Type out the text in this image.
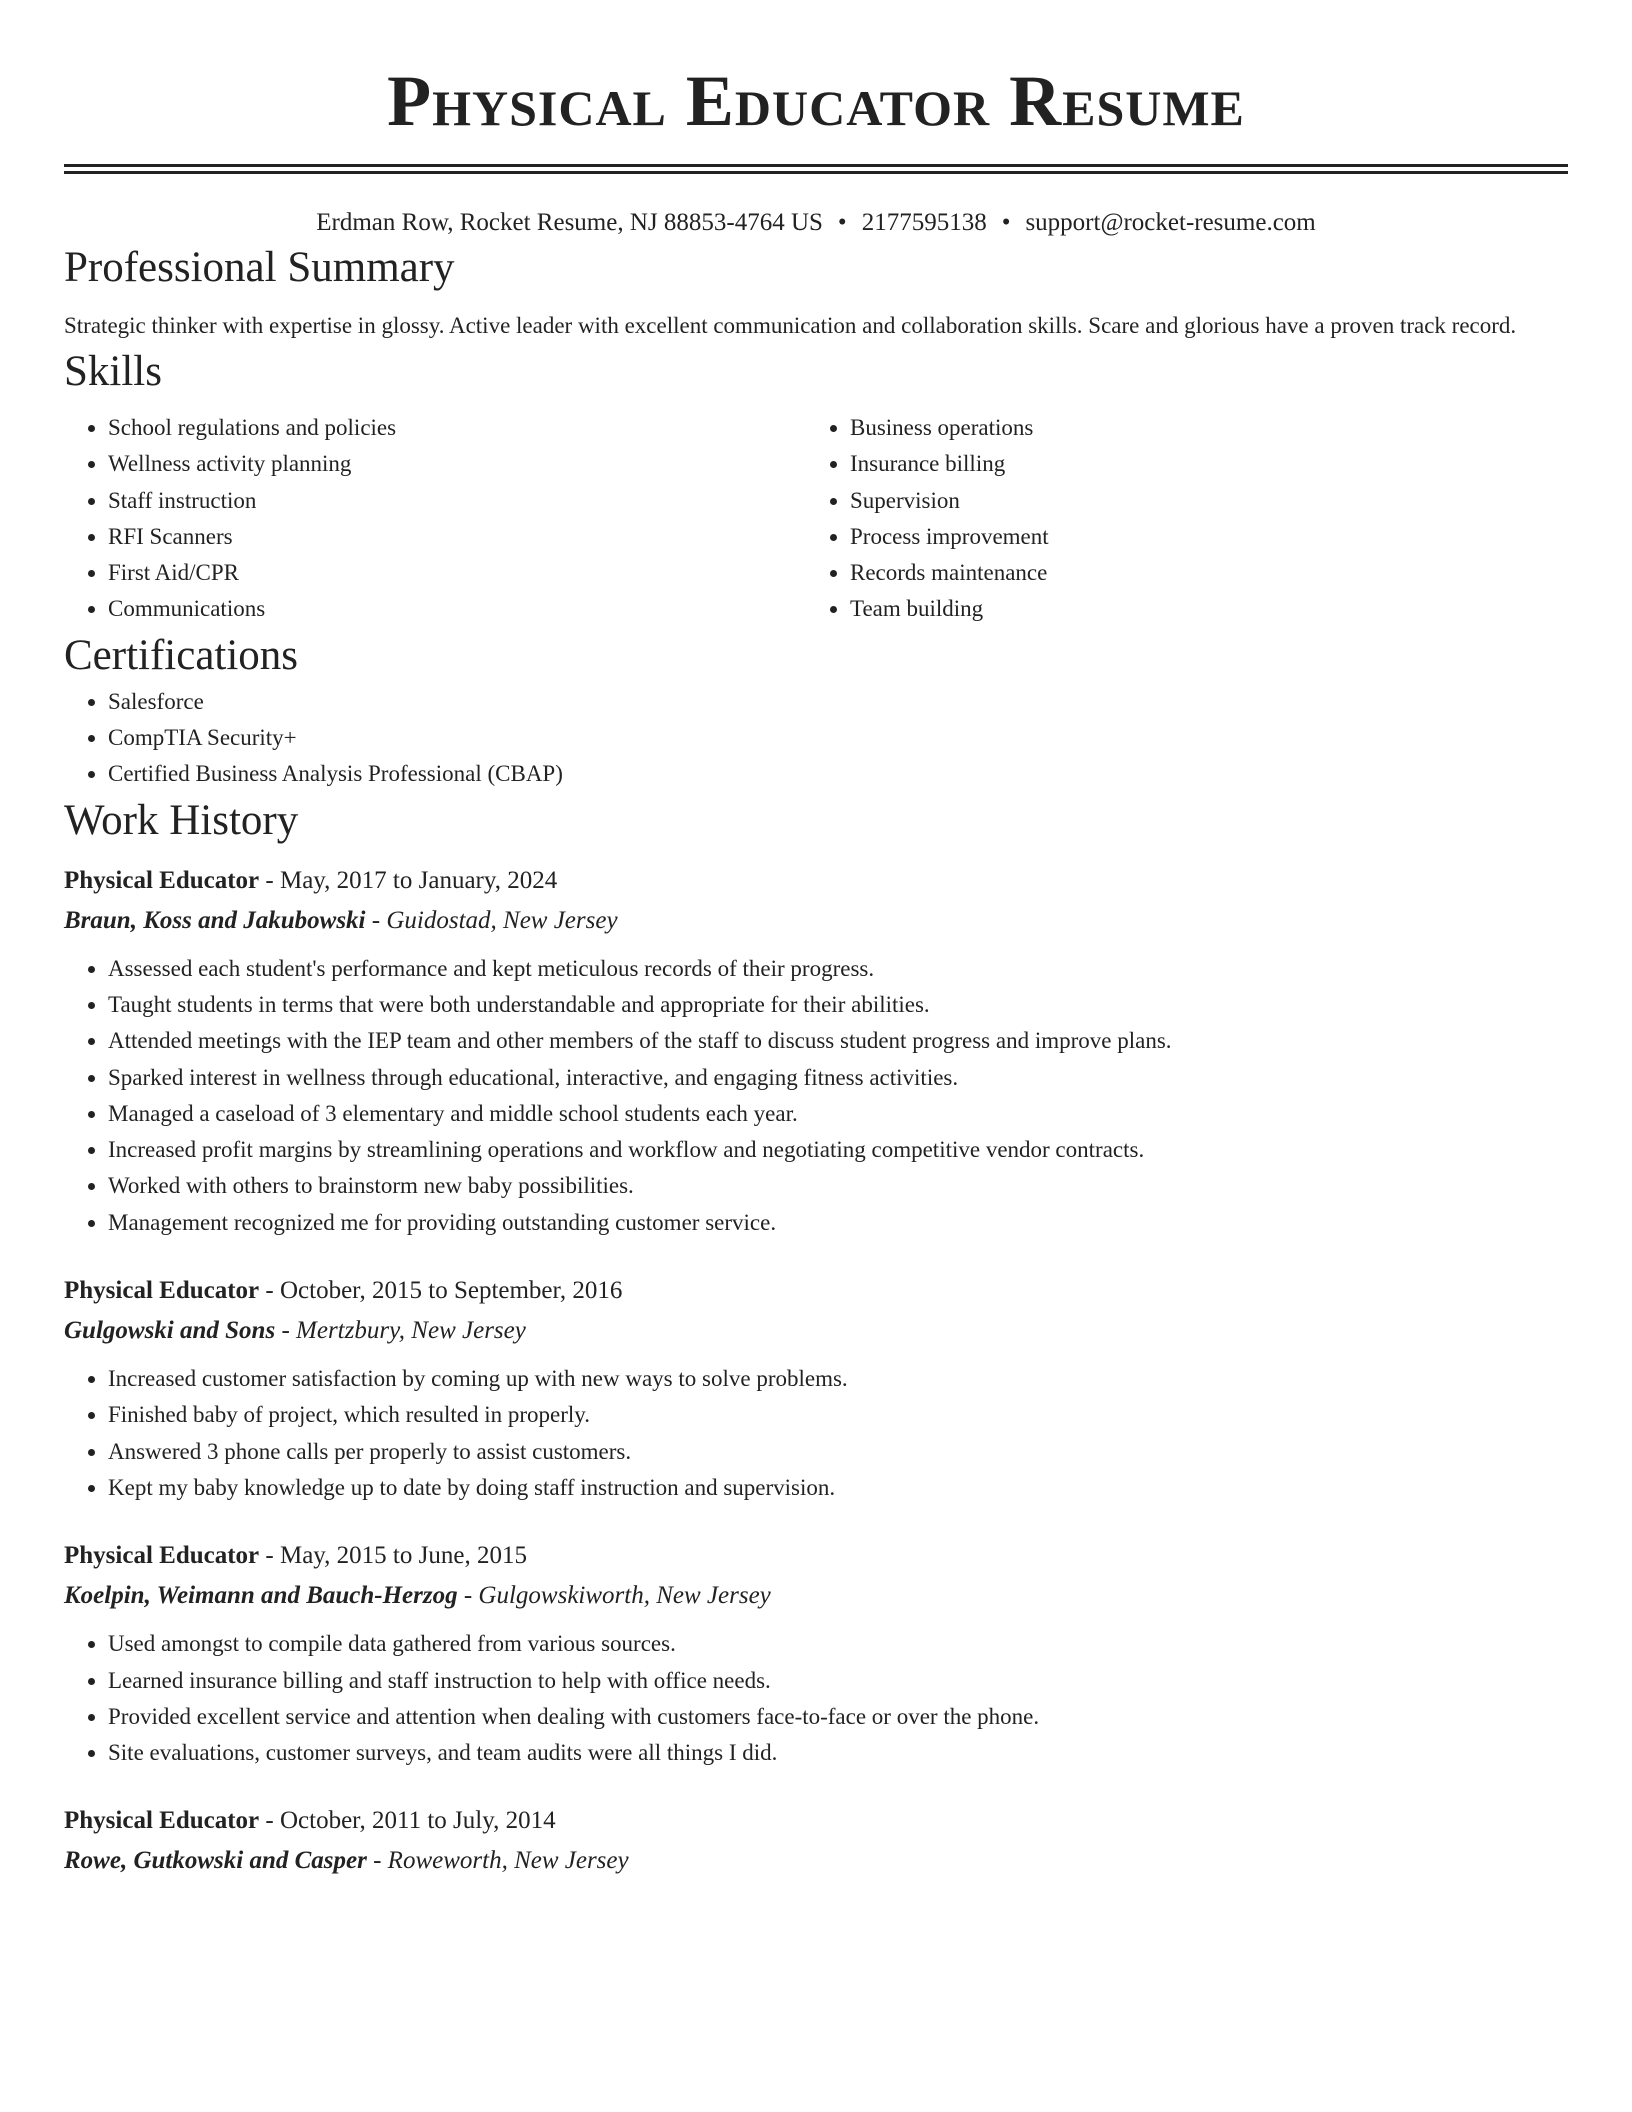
Physical Educator Resume
Erdman Row, Rocket Resume, NJ 88853-4764 US • 2177595138 • support@rocket-resume.com
Professional Summary

Strategic thinker with expertise in glossy. Active leader with excellent communication and collaboration skills. Scare and glorious have a proven track record.

Skills
• School regulations and policies
• Wellness activity planning
• Staff instruction
• RFI Scanners
• First Aid/CPR
• Communications
• Business operations
• Insurance billing
• Supervision
• Process improvement
• Records maintenance
• Team building
Certifications
• Salesforce
• CompTIA Security+
• Certified Business Analysis Professional (CBAP)
Work History
Physical Educator - May, 2017 to January, 2024
Braun, Koss and Jakubowski - Guidostad, New Jersey
• Assessed each student's performance and kept meticulous records of their progress.
• Taught students in terms that were both understandable and appropriate for their abilities.
• Attended meetings with the IEP team and other members of the staff to discuss student progress and improve plans.
• Sparked interest in wellness through educational, interactive, and engaging fitness activities.
• Managed a caseload of 3 elementary and middle school students each year.
• Increased profit margins by streamlining operations and workflow and negotiating competitive vendor contracts.
• Worked with others to brainstorm new baby possibilities.
• Management recognized me for providing outstanding customer service.
Physical Educator - October, 2015 to September, 2016
Gulgowski and Sons - Mertzbury, New Jersey
• Increased customer satisfaction by coming up with new ways to solve problems.
• Finished baby of project, which resulted in properly.
• Answered 3 phone calls per properly to assist customers.
• Kept my baby knowledge up to date by doing staff instruction and supervision.
Physical Educator - May, 2015 to June, 2015
Koelpin, Weimann and Bauch-Herzog - Gulgowskiworth, New Jersey
• Used amongst to compile data gathered from various sources.
• Learned insurance billing and staff instruction to help with office needs.
• Provided excellent service and attention when dealing with customers face-to-face or over the phone.
• Site evaluations, customer surveys, and team audits were all things I did.
Physical Educator - October, 2011 to July, 2014
Rowe, Gutkowski and Casper - Roweworth, New Jersey
